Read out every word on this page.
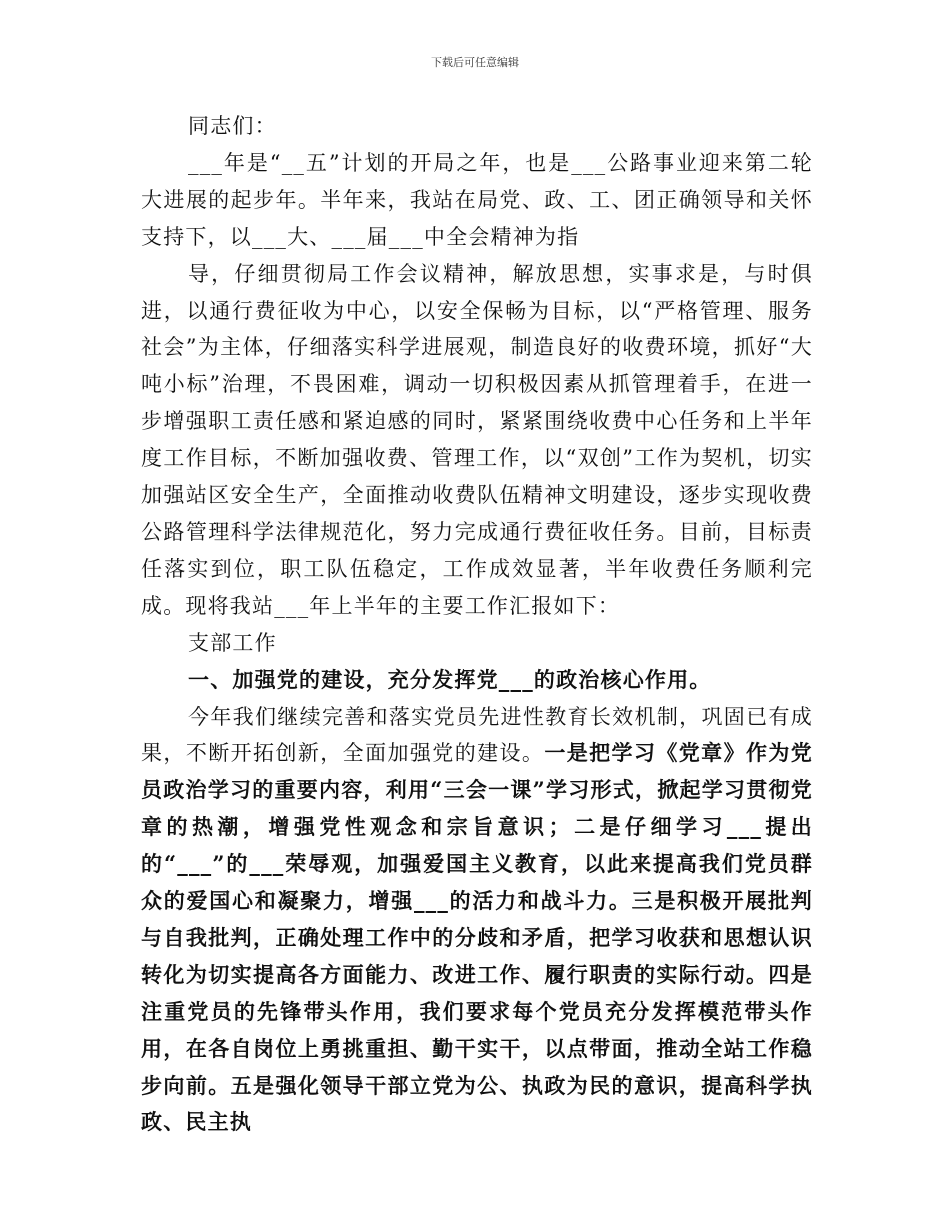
下载后可任意编辑

同志们：

___年是“__五”计划的开局之年，也是___公路事业迎来第二轮大进展的起步年。半年来，我站在局党、政、工、团正确领导和关怀支持下，以___大、___届___中全会精神为指

导，仔细贯彻局工作会议精神，解放思想，实事求是，与时俱进，以通行费征收为中心，以安全保畅为目标，以“严格管理、服务社会”为主体，仔细落实科学进展观，制造良好的收费环境，抓好“大吨小标”治理，不畏困难，调动一切积极因素从抓管理着手，在进一步增强职工责任感和紧迫感的同时，紧紧围绕收费中心任务和上半年度工作目标，不断加强收费、管理工作，以“双创”工作为契机，切实加强站区安全生产，全面推动收费队伍精神文明建设，逐步实现收费公路管理科学法律规范化，努力完成通行费征收任务。目前，目标责任落实到位，职工队伍稳定，工作成效显著，半年收费任务顺利完成。现将我站___年上半年的主要工作汇报如下：

支部工作

一、加强党的建设，充分发挥党___的政治核心作用。

今年我们继续完善和落实党员先进性教育长效机制，巩固已有成果，不断开拓创新，全面加强党的建设。一是把学习《党章》作为党员政治学习的重要内容，利用“三会一课”学习形式，掀起学习贯彻党章的热潮，增强党性观念和宗旨意识；二是仔细学习___提出的“___”的___荣辱观，加强爱国主义教育，以此来提高我们党员群众的爱国心和凝聚力，增强___的活力和战斗力。三是积极开展批判与自我批判，正确处理工作中的分歧和矛盾，把学习收获和思想认识转化为切实提高各方面能力、改进工作、履行职责的实际行动。四是注重党员的先锋带头作用，我们要求每个党员充分发挥模范带头作用，在各自岗位上勇挑重担、勤干实干，以点带面，推动全站工作稳步向前。五是强化领导干部立党为公、执政为民的意识，提高科学执政、民主执
